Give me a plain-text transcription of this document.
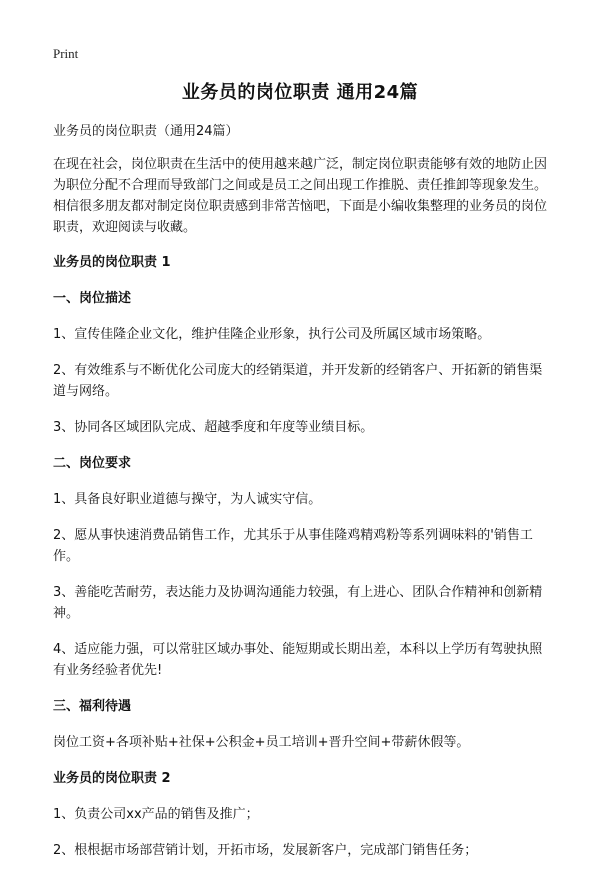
Print
业务员的岗位职责 通用24篇

业务员的岗位职责（通用24篇）

在现在社会，岗位职责在生活中的使用越来越广泛，制定岗位职责能够有效的地防止因为职位分配不合理而导致部门之间或是员工之间出现工作推脱、责任推卸等现象发生。相信很多朋友都对制定岗位职责感到非常苦恼吧，下面是小编收集整理的业务员的岗位职责，欢迎阅读与收藏。

业务员的岗位职责 1
一、岗位描述

1、宣传佳隆企业文化，维护佳隆企业形象，执行公司及所属区域市场策略。

2、有效维系与不断优化公司庞大的经销渠道，并开发新的经销客户、开拓新的销售渠道与网络。

3、协同各区域团队完成、超越季度和年度等业绩目标。

二、岗位要求

1、具备良好职业道德与操守，为人诚实守信。

2、愿从事快速消费品销售工作，尤其乐于从事佳隆鸡精鸡粉等系列调味料的'销售工作。

3、善能吃苦耐劳，表达能力及协调沟通能力较强，有上进心、团队合作精神和创新精神。

4、适应能力强，可以常驻区域办事处、能短期或长期出差，本科以上学历有驾驶执照有业务经验者优先!

三、福利待遇

岗位工资+各项补贴+社保+公积金+员工培训+晋升空间+带薪休假等。

业务员的岗位职责 2

1、负责公司xx产品的销售及推广；

2、根根据市场部营销计划，开拓市场，发展新客户，完成部门销售任务；
